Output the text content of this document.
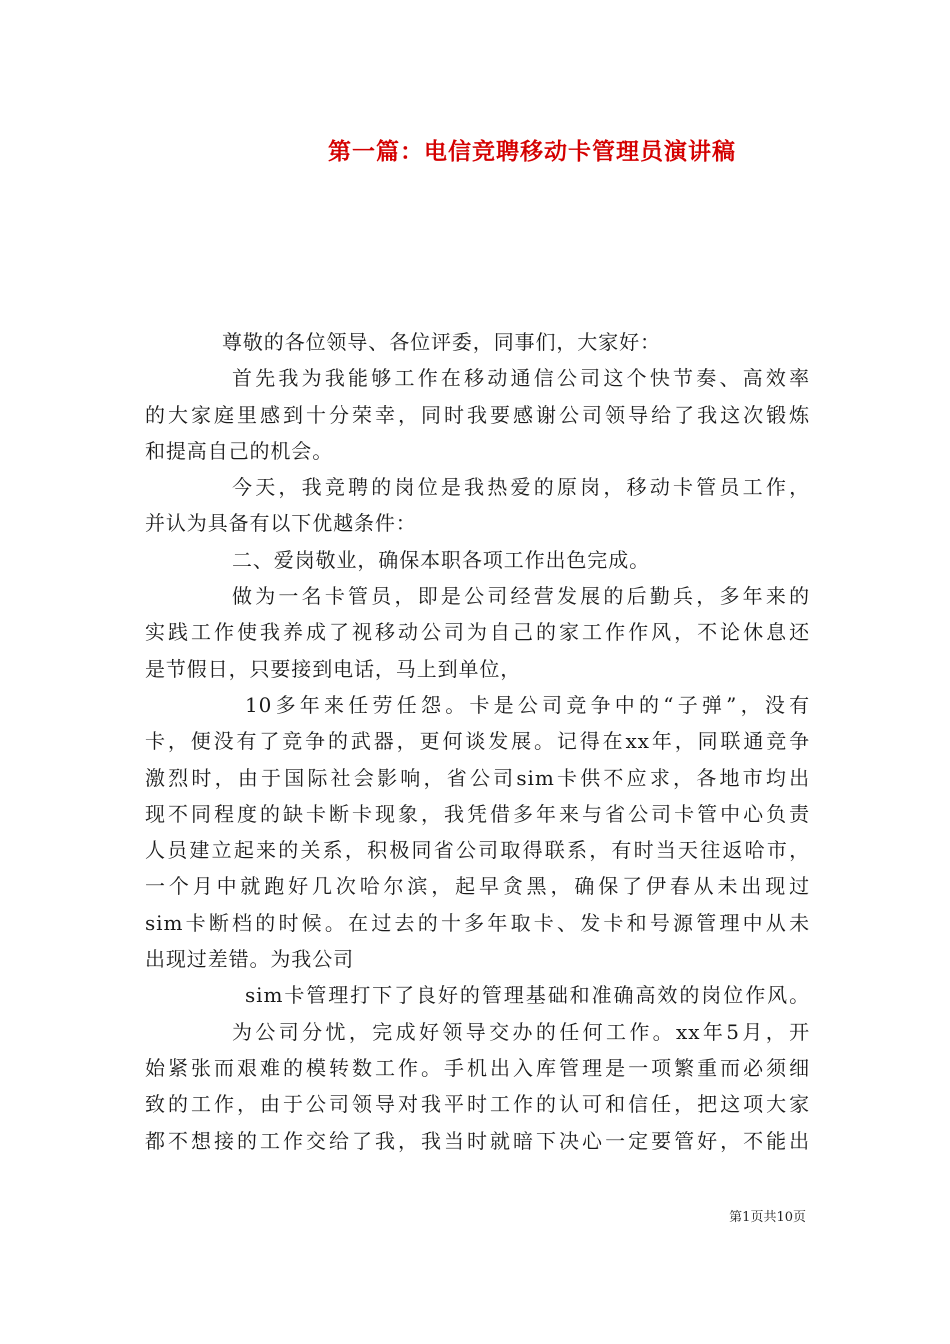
第一篇：电信竞聘移动卡管理员演讲稿
尊敬的各位领导、各位评委，同事们，大家好：
首先我为我能够工作在移动通信公司这个快节奏、高效率
的大家庭里感到十分荣幸，同时我要感谢公司领导给了我这次锻炼
和提高自己的机会。
今天，我竞聘的岗位是我热爱的原岗，移动卡管员工作，
并认为具备有以下优越条件：
二、爱岗敬业，确保本职各项工作出色完成。
做为一名卡管员，即是公司经营发展的后勤兵，多年来的
实践工作使我养成了视移动公司为自己的家工作作风，不论休息还
是节假日，只要接到电话，马上到单位，
10多年来任劳任怨。卡是公司竞争中的“子弹”，没有
卡，便没有了竞争的武器，更何谈发展。记得在xx年，同联通竞争
激烈时，由于国际社会影响，省公司sim卡供不应求，各地市均出
现不同程度的缺卡断卡现象，我凭借多年来与省公司卡管中心负责
人员建立起来的关系，积极同省公司取得联系，有时当天往返哈市，
一个月中就跑好几次哈尔滨，起早贪黑，确保了伊春从未出现过
sim卡断档的时候。在过去的十多年取卡、发卡和号源管理中从未
出现过差错。为我公司
sim卡管理打下了良好的管理基础和准确高效的岗位作风。
为公司分忧，完成好领导交办的任何工作。xx年5月，开
始紧张而艰难的模转数工作。手机出入库管理是一项繁重而必须细
致的工作，由于公司领导对我平时工作的认可和信任，把这项大家
都不想接的工作交给了我，我当时就暗下决心一定要管好，不能出
第1页共10页
